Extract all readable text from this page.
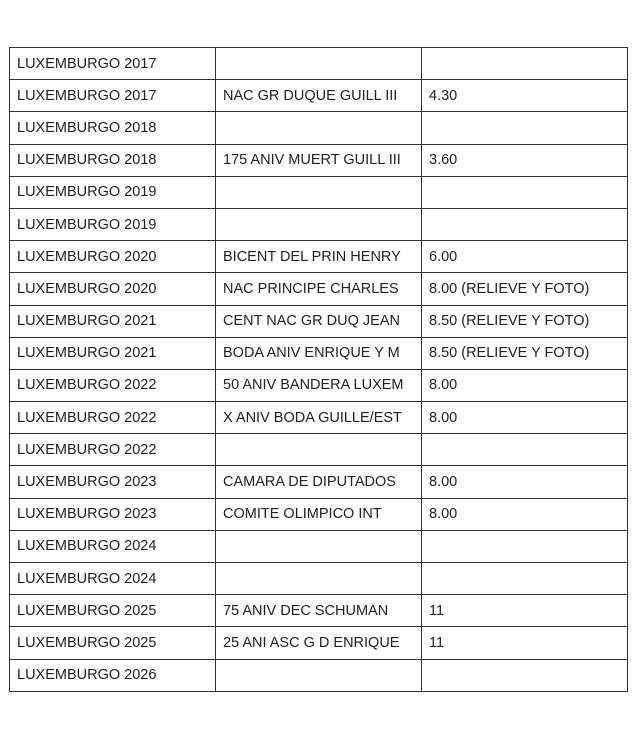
LUXEMBURGO 2017		
LUXEMBURGO 2017	NAC GR DUQUE GUILL III	4.30
LUXEMBURGO 2018		
LUXEMBURGO 2018	175 ANIV MUERT GUILL III	3.60
LUXEMBURGO 2019		
LUXEMBURGO 2019		
LUXEMBURGO 2020	BICENT DEL PRIN HENRY	6.00
LUXEMBURGO 2020	NAC PRINCIPE CHARLES	8.00 (RELIEVE Y FOTO)
LUXEMBURGO 2021	CENT NAC GR DUQ JEAN	8.50 (RELIEVE Y FOTO)
LUXEMBURGO 2021	BODA ANIV ENRIQUE Y M	8.50 (RELIEVE Y FOTO)
LUXEMBURGO 2022	50 ANIV BANDERA LUXEM	8.00
LUXEMBURGO 2022	X ANIV BODA GUILLE/EST	8.00
LUXEMBURGO 2022		
LUXEMBURGO 2023	CAMARA DE DIPUTADOS	8.00
LUXEMBURGO 2023	COMITE OLIMPICO INT	8.00
LUXEMBURGO 2024		
LUXEMBURGO 2024		
LUXEMBURGO 2025	75 ANIV DEC SCHUMAN	11
LUXEMBURGO 2025	25 ANI ASC G D ENRIQUE	11
LUXEMBURGO 2026		
